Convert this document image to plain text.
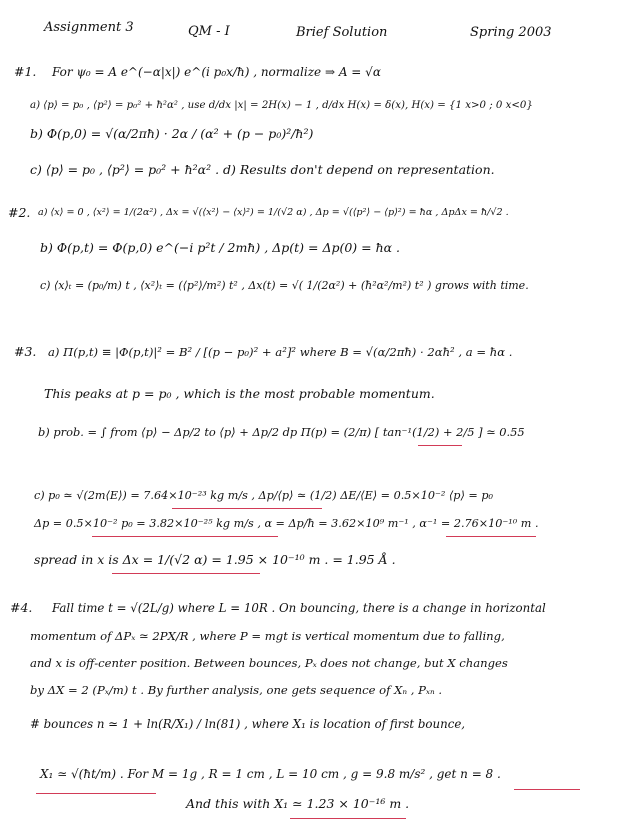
Assignment 3	QM - I	Brief Solution	Spring 2003
#1. For ψ₀ = A e^(−α|x|) e^(i p₀x/ħ) , normalize ⇒ A = √α
a) ⟨p⟩ = p₀ , ⟨p²⟩ = p₀² + ħ²α² , use d/dx |x| = 2H(x) − 1 , d/dx H(x) = δ(x), H(x) = {1 x>0 ; 0 x<0}
b) Φ(p,0) = √(α/2πħ) · 2α / (α² + (p − p₀)²/ħ²)
c) ⟨p⟩ = p₀ , ⟨p²⟩ = p₀² + ħ²α² . d) Results don't depend on representation.
#2. a) ⟨x⟩ = 0 , ⟨x²⟩ = 1/(2α²) , Δx = √(⟨x²⟩ − ⟨x⟩²) = 1/(√2 α) , Δp = √(⟨p²⟩ − ⟨p⟩²) = ħα , ΔpΔx = ħ/√2 .
b) Φ(p,t) = Φ(p,0) e^(−i p²t / 2mħ) , Δp(t) = Δp(0) = ħα .
c) ⟨x⟩ₜ = (p₀/m) t , ⟨x²⟩ₜ = (⟨p²⟩/m²) t² , Δx(t) = √( 1/(2α²) + (ħ²α²/m²) t² ) grows with time.
#3. a) Π(p,t) ≡ |Φ(p,t)|² = B² / [(p − p₀)² + a²]² where B = √(α/2πħ) · 2αħ² , a = ħα .
This peaks at p = p₀ , which is the most probable momentum.
b) prob. = ∫ from ⟨p⟩ − Δp/2 to ⟨p⟩ + Δp/2 dp Π(p) = (2/π) [ tan⁻¹(1/2) + 2/5 ] ≃ 0.55
c) p₀ ≃ √(2m⟨E⟩) = 7.64×10⁻²³ kg m/s , Δp/⟨p⟩ ≃ (1/2) ΔE/⟨E⟩ = 0.5×10⁻² ⟨p⟩ = p₀
Δp = 0.5×10⁻² p₀ = 3.82×10⁻²⁵ kg m/s , α = Δp/ħ = 3.62×10⁹ m⁻¹ , α⁻¹ = 2.76×10⁻¹⁰ m .
spread in x is Δx = 1/(√2 α) = 1.95 × 10⁻¹⁰ m . = 1.95 Å .
#4. Fall time t = √(2L/g) where L = 10R . On bouncing, there is a change in horizontal
momentum of ΔPₓ ≃ 2PX/R , where P = mgt is vertical momentum due to falling,
and x is off-center position. Between bounces, Pₓ does not change, but X changes
by ΔX = 2 (Pₓ/m) t . By further analysis, one gets sequence of Xₙ , Pₓₙ .
# bounces n ≃ 1 + ln(R/X₁) / ln(81) , where X₁ is location of first bounce,
X₁ ≃ √(ħt/m) . For M = 1g , R = 1 cm , L = 10 cm , g = 9.8 m/s² , get n = 8 .
And this with X₁ ≃ 1.23 × 10⁻¹⁶ m .
